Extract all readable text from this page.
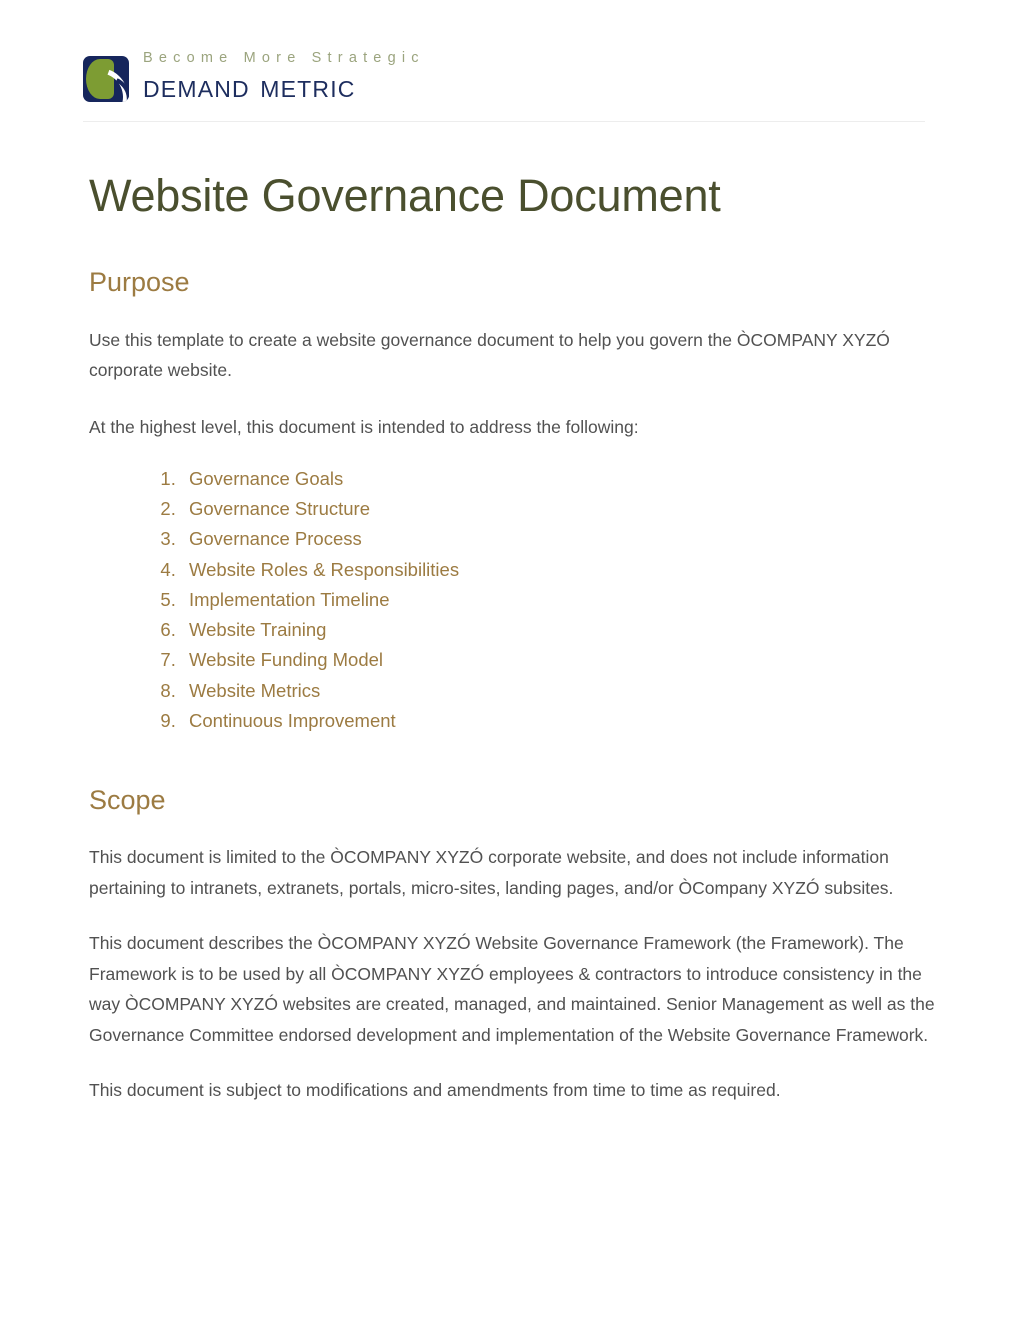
Become More Strategic
demand metric
Website Governance Document
Purpose

Use this template to create a website governance document to help you govern the ÒCOMPANY XYZÓ corporate website.

At the highest level, this document is intended to address the following:

1. Governance Goals
2. Governance Structure
3. Governance Process
4. Website Roles & Responsibilities
5. Implementation Timeline
6. Website Training
7. Website Funding Model
8. Website Metrics
9. Continuous Improvement
Scope

This document is limited to the ÒCOMPANY XYZÓ corporate website, and does not include information pertaining to intranets, extranets, portals, micro-sites, landing pages, and/or ÒCompany XYZÓ subsites.

This document describes the ÒCOMPANY XYZÓ Website Governance Framework (the Framework). The Framework is to be used by all ÒCOMPANY XYZÓ employees & contractors to introduce consistency in the way ÒCOMPANY XYZÓ websites are created, managed, and maintained. Senior Management as well as the Governance Committee endorsed development and implementation of the Website Governance Framework.

This document is subject to modifications and amendments from time to time as required.
